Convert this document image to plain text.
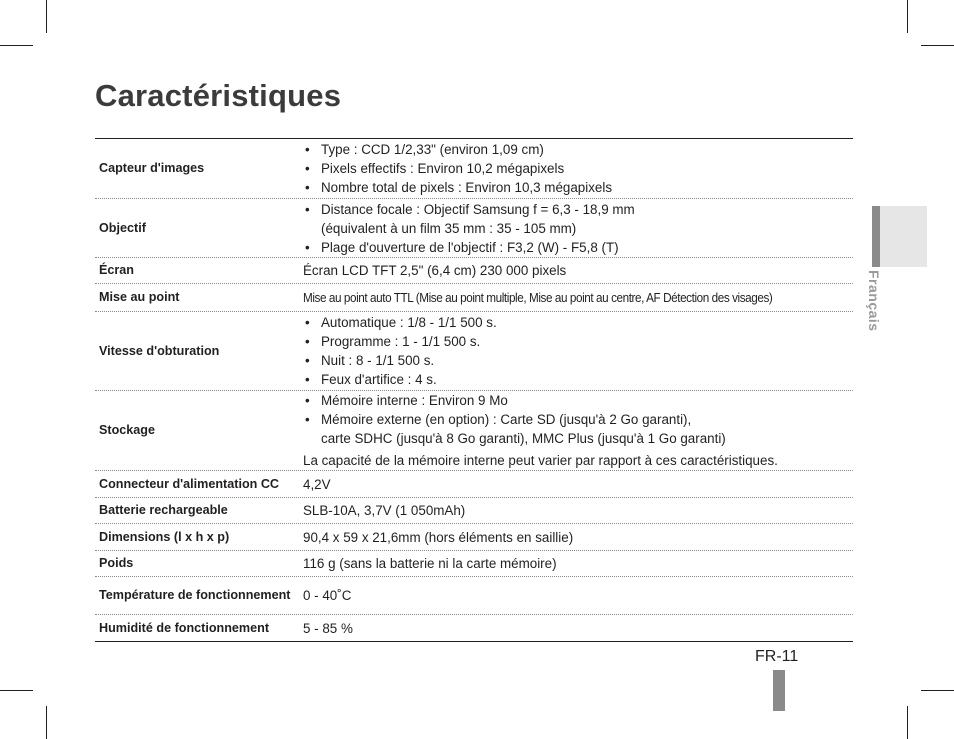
Caractéristiques
Capteur d'images
• Type : CCD 1/2,33" (environ 1,09 cm)
• Pixels effectifs : Environ 10,2 mégapixels
• Nombre total de pixels : Environ 10,3 mégapixels
Objectif
• Distance focale : Objectif Samsung f = 6,3 - 18,9 mm
(équivalent à un film 35 mm : 35 - 105 mm)
• Plage d'ouverture de l'objectif : F3,2 (W) - F5,8 (T)
Écran	Écran LCD TFT 2,5" (6,4 cm) 230 000 pixels
Mise au point	Mise au point auto TTL (Mise au point multiple, Mise au point au centre, AF Détection des visages)
Vitesse d'obturation
• Automatique : 1/8 - 1/1 500 s.
• Programme : 1 - 1/1 500 s.
• Nuit : 8 - 1/1 500 s.
• Feux d'artifice : 4 s.
Stockage
• Mémoire interne : Environ 9 Mo
• Mémoire externe (en option) : Carte SD (jusqu'à 2 Go garanti),
carte SDHC (jusqu'à 8 Go garanti), MMC Plus (jusqu'à 1 Go garanti)
La capacité de la mémoire interne peut varier par rapport à ces caractéristiques.
Connecteur d'alimentation CC	4,2V
Batterie rechargeable	SLB-10A, 3,7V (1 050mAh)
Dimensions (l x h x p)	90,4 x 59 x 21,6mm (hors éléments en saillie)
Poids	116 g (sans la batterie ni la carte mémoire)
Température de fonctionnement 0 - 40˚C
Humidité de fonctionnement	5 - 85 %
Français
FR-11
